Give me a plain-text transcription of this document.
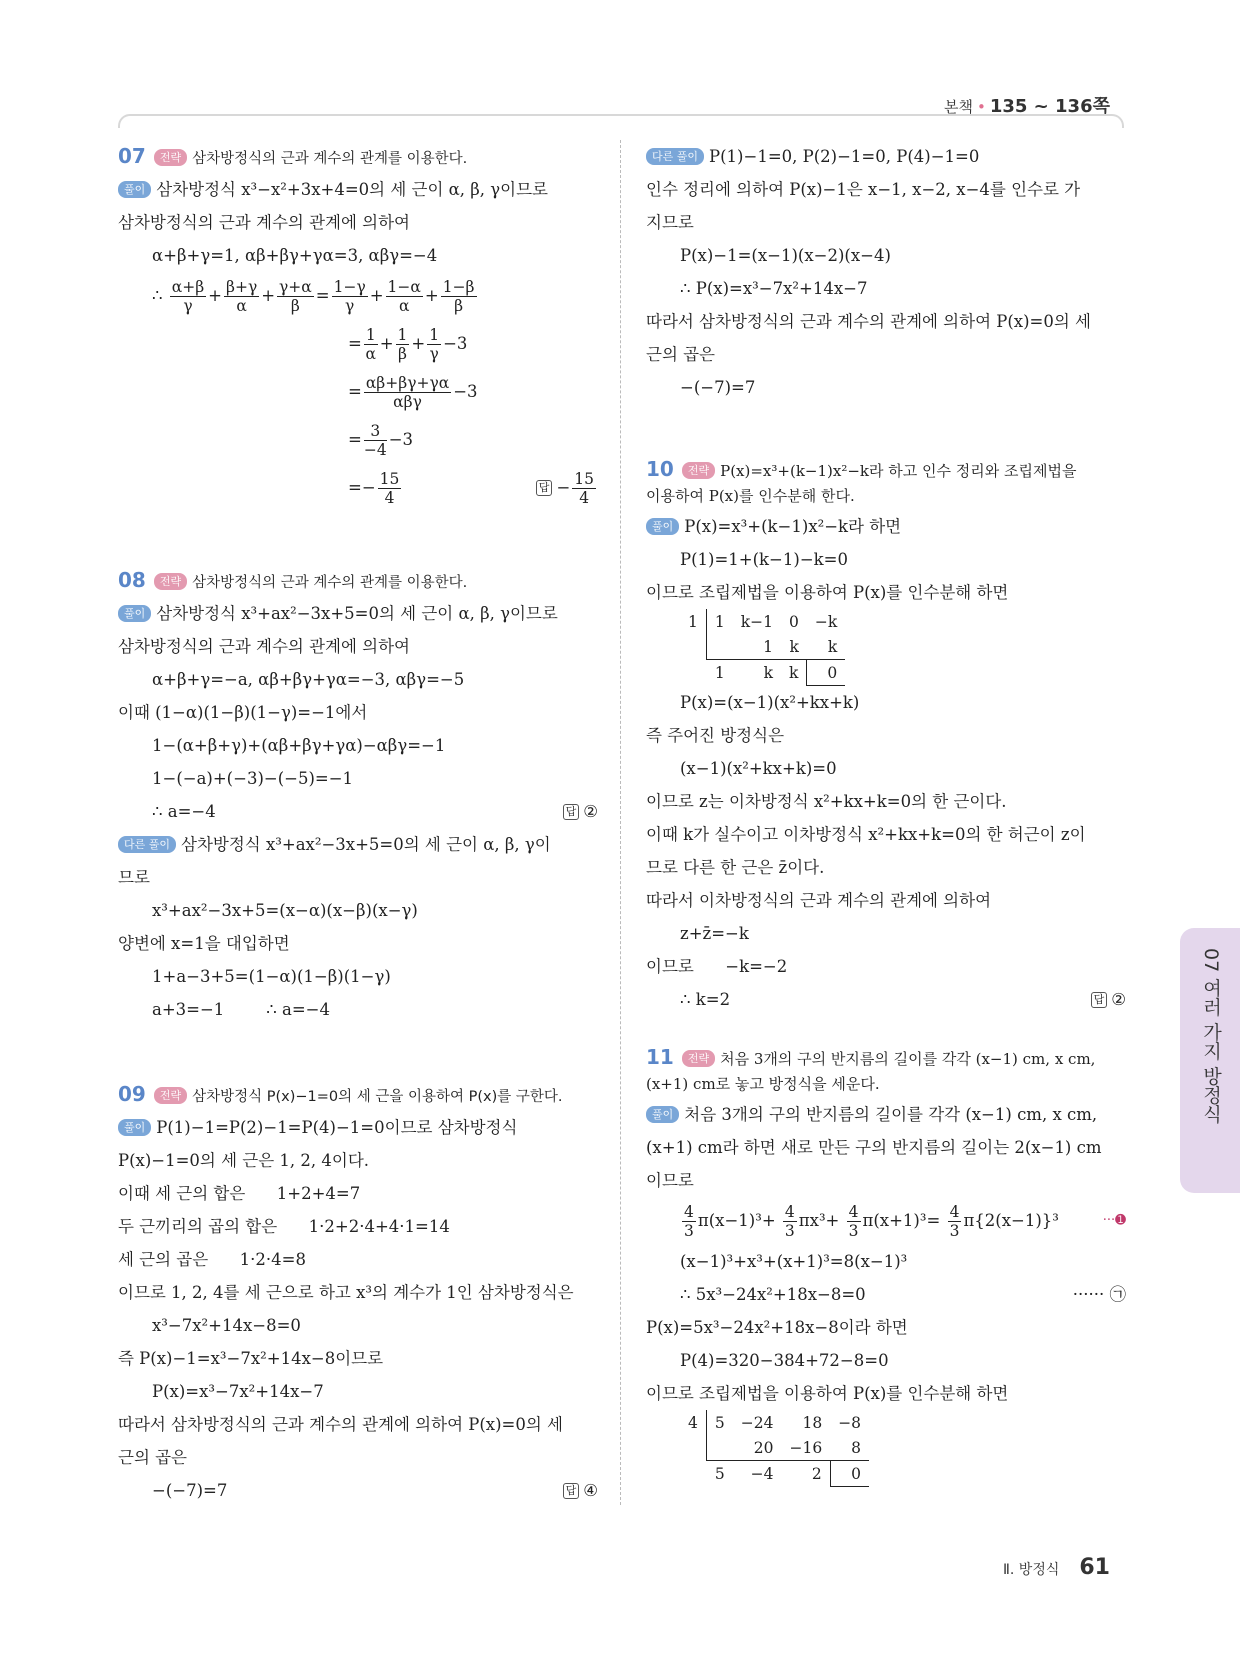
본책 • 135 ~ 136쪽
07 전략 삼차방정식의 근과 계수의 관계를 이용한다.
풀이 삼차방정식 x³−x²+3x+4=0의 세 근이 α, β, γ이므로
삼차방정식의 근과 계수의 관계에 의하여
α+β+γ=1, αβ+βγ+γα=3, αβγ=−4
∴ $\frac{\alpha+\beta}{\gamma} + \frac{\beta+\gamma}{\alpha} + \frac{\gamma+\alpha}{\beta} = \frac{1-\gamma}{\gamma} + \frac{1-\alpha}{\alpha} + \frac{1-\beta}{\beta}$
= $\frac{1}{\alpha} + \frac{1}{\beta} + \frac{1}{\gamma} -3$
= $\frac{\alpha\beta+\beta\gamma+\gamma\alpha}{\text{αβγ}} -3$
= $\frac{3}{-4} -3$
=− $\frac{15}{4}$	답 − $\frac{15}{4}$
08 전략 삼차방정식의 근과 계수의 관계를 이용한다.
풀이 삼차방정식 x³+ax²−3x+5=0의 세 근이 α, β, γ이므로
삼차방정식의 근과 계수의 관계에 의하여
α+β+γ=−a, αβ+βγ+γα=−3, αβγ=−5
이때 (1−α)(1−β)(1−γ)=−1에서
1−(α+β+γ)+(αβ+βγ+γα)−αβγ=−1
1−(−a)+(−3)−(−5)=−1
∴ a=−4	답 ②
다른 풀이 삼차방정식 x³+ax²−3x+5=0의 세 근이 α, β, γ이
므로
x³+ax²−3x+5=(x−α)(x−β)(x−γ)
양변에 x=1을 대입하면
1+a−3+5=(1−α)(1−β)(1−γ)
a+3=−1        ∴ a=−4
09 전략 삼차방정식 P(x)−1=0의 세 근을 이용하여 P(x)를 구한다.
풀이 P(1)−1=P(2)−1=P(4)−1=0이므로 삼차방정식
P(x)−1=0의 세 근은 1, 2, 4이다.
이때 세 근의 합은      1+2+4=7
두 근끼리의 곱의 합은      1·2+2·4+4·1=14
세 근의 곱은      1·2·4=8
이므로 1, 2, 4를 세 근으로 하고 x³의 계수가 1인 삼차방정식은
x³−7x²+14x−8=0
즉 P(x)−1=x³−7x²+14x−8이므로
P(x)=x³−7x²+14x−7
따라서 삼차방정식의 근과 계수의 관계에 의하여 P(x)=0의 세
근의 곱은
−(−7)=7	답 ④
다른 풀이 P(1)−1=0, P(2)−1=0, P(4)−1=0
인수 정리에 의하여 P(x)−1은 x−1, x−2, x−4를 인수로 가
지므로
P(x)−1=(x−1)(x−2)(x−4)
∴ P(x)=x³−7x²+14x−7
따라서 삼차방정식의 근과 계수의 관계에 의하여 P(x)=0의 세
근의 곱은
−(−7)=7
10 전략 P(x)=x³+(k−1)x²−k라 하고 인수 정리와 조립제법을
이용하여 P(x)를 인수분해 한다.
풀이 P(x)=x³+(k−1)x²−k라 하면
P(1)=1+(k−1)−k=0
이므로 조립제법을 이용하여 P(x)를 인수분해 하면
1	1	k−1	0	−k
		1	k	k
	1	k	k	0
P(x)=(x−1)(x²+kx+k)
즉 주어진 방정식은
(x−1)(x²+kx+k)=0
이므로 z는 이차방정식 x²+kx+k=0의 한 근이다.
이때 k가 실수이고 이차방정식 x²+kx+k=0의 한 허근이 z이
므로 다른 한 근은 z̄이다.
따라서 이차방정식의 근과 계수의 관계에 의하여
z+z̄=−k
이므로      −k=−2
∴ k=2	답 ②
11 전략 처음 3개의 구의 반지름의 길이를 각각 (x−1) cm, x cm,
(x+1) cm로 놓고 방정식을 세운다.
풀이 처음 3개의 구의 반지름의 길이를 각각 (x−1) cm, x cm,
(x+1) cm라 하면 새로 만든 구의 반지름의 길이는 2(x−1) cm
이므로
$\frac{4}{3} \pi(x-1)^3+ \frac{4}{3} \pi x^3+ \frac{4}{3} \pi(x+1)^3= \frac{4}{3} \pi\{2(x-1)\}^3$	···➊
(x−1)³+x³+(x+1)³=8(x−1)³
∴ 5x³−24x²+18x−8=0	······ ㉠
P(x)=5x³−24x²+18x−8이라 하면
P(4)=320−384+72−8=0
이므로 조립제법을 이용하여 P(x)를 인수분해 하면
4	5	−24	18	−8
		20	−16	8
	5	−4	2	0
07 여러 가지 방정식
Ⅱ. 방정식 61
